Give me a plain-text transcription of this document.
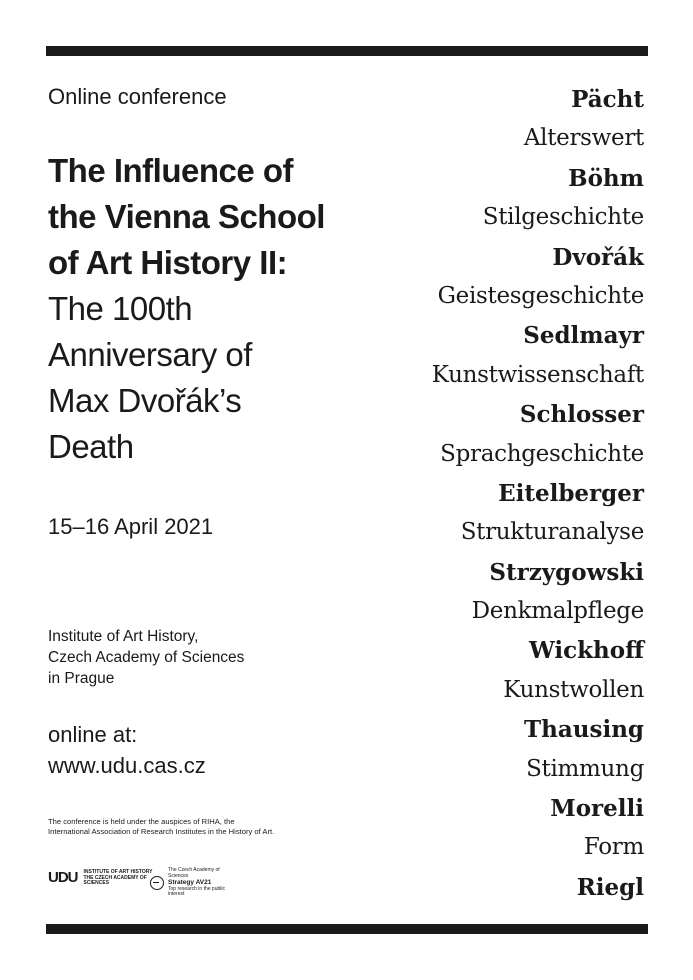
Online conference
The Influence of
the Vienna School
of Art History II:
The 100th
Anniversary of
Max Dvořák’s
Death
15–16 April 2021
Institute of Art History,
Czech Academy of Sciences
in Prague
online at:
www.udu.cas.cz
The conference is held under the auspices of RIHA, the International Association of Research Institutes in the History of Art.
UDU INSTITUTE OF ART HISTORY THE CZECH ACADEMY OF SCIENCES
The Czech Academy of Sciences
Strategy AV21
Top research in the public interest
Pächt
Alterswert
Böhm
Stilgeschichte
Dvořák
Geistesgeschichte
Sedlmayr
Kunstwissenschaft
Schlosser
Sprachgeschichte
Eitelberger
Strukturanalyse
Strzygowski
Denkmalpflege
Wickhoff
Kunstwollen
Thausing
Stimmung
Morelli
Form
Riegl
